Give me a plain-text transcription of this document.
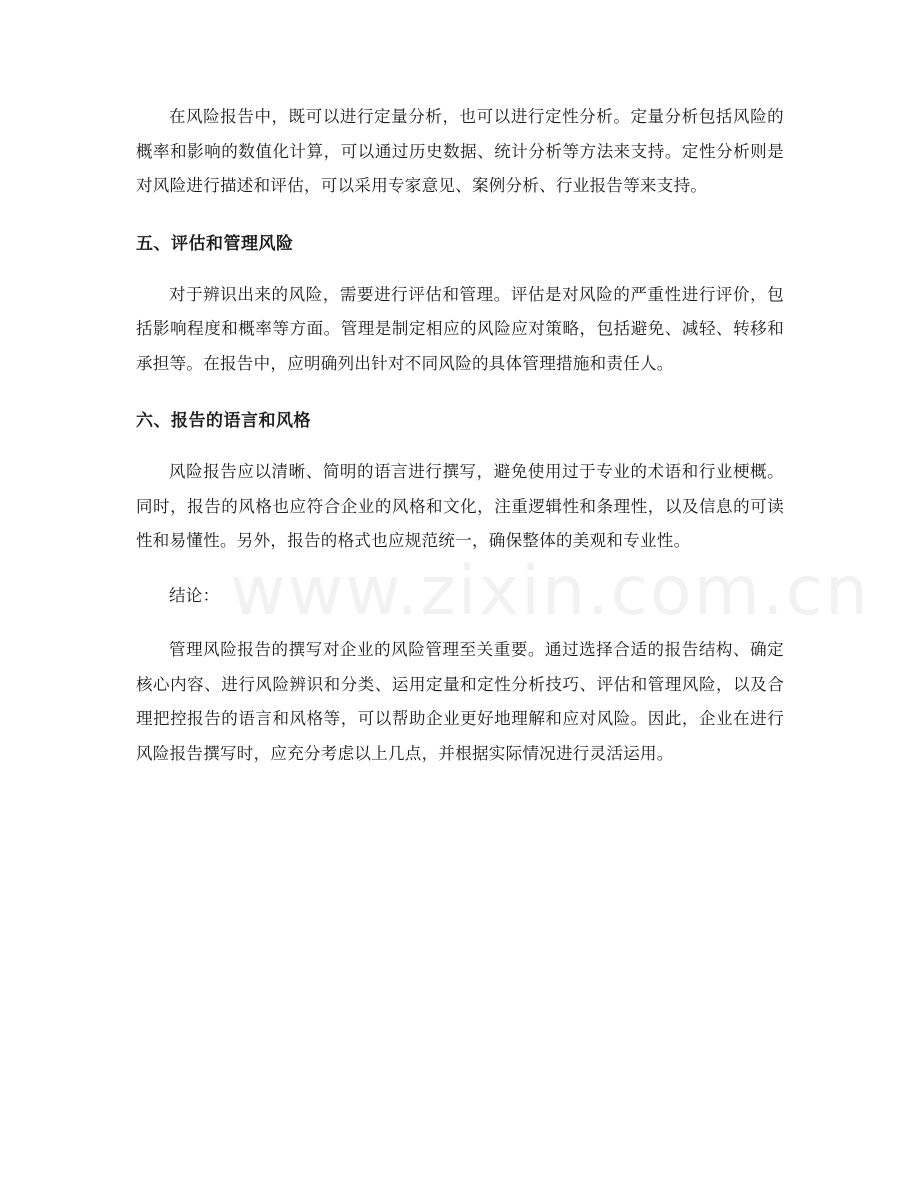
在风险报告中，既可以进行定量分析，也可以进行定性分析。定量分析包括风险的概率和影响的数值化计算，可以通过历史数据、统计分析等方法来支持。定性分析则是对风险进行描述和评估，可以采用专家意见、案例分析、行业报告等来支持。

五、评估和管理风险

对于辨识出来的风险，需要进行评估和管理。评估是对风险的严重性进行评价，包括影响程度和概率等方面。管理是制定相应的风险应对策略，包括避免、减轻、转移和承担等。在报告中，应明确列出针对不同风险的具体管理措施和责任人。

六、报告的语言和风格

风险报告应以清晰、简明的语言进行撰写，避免使用过于专业的术语和行业梗概。同时，报告的风格也应符合企业的风格和文化，注重逻辑性和条理性，以及信息的可读性和易懂性。另外，报告的格式也应规范统一，确保整体的美观和专业性。

结论：

管理风险报告的撰写对企业的风险管理至关重要。通过选择合适的报告结构、确定核心内容、进行风险辨识和分类、运用定量和定性分析技巧、评估和管理风险，以及合理把控报告的语言和风格等，可以帮助企业更好地理解和应对风险。因此，企业在进行风险报告撰写时，应充分考虑以上几点，并根据实际情况进行灵活运用。

www.zixin.com.cn
